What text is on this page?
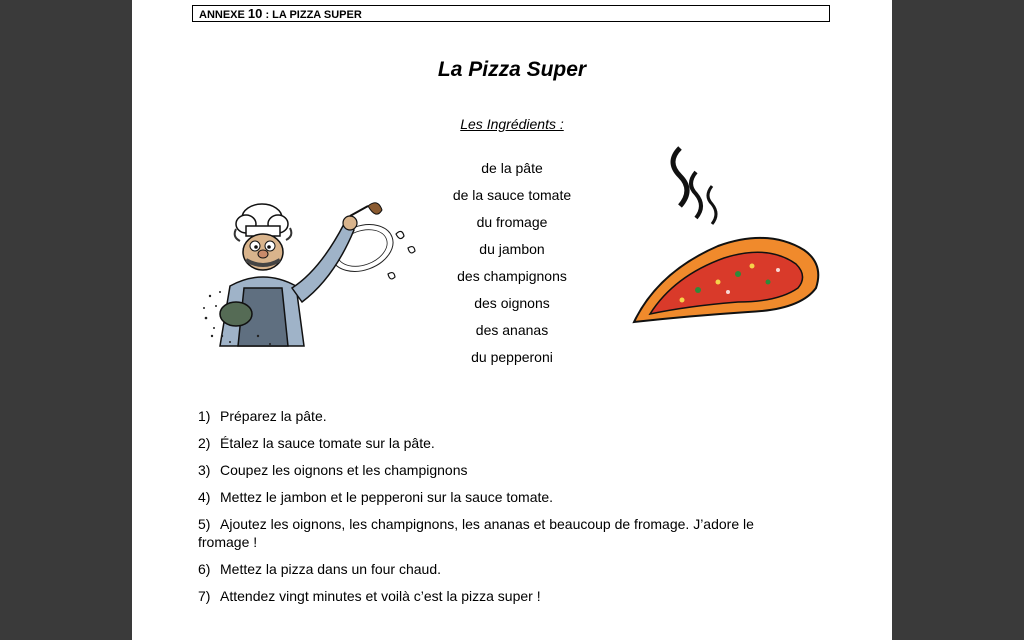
ANNEXE 10 : LA PIZZA SUPER
La Pizza Super
Les Ingrédients :
de la pâte
de la sauce tomate
du fromage
du jambon
des champignons
des oignons
des ananas
du pepperoni
1) Préparez la pâte.
2) Étalez la sauce tomate sur la pâte.
3) Coupez les oignons et les champignons
4) Mettez le jambon et le pepperoni sur la sauce tomate.
5) Ajoutez les oignons, les champignons, les ananas et beaucoup de fromage. J’adore le fromage !
6) Mettez la pizza dans un four chaud.
7) Attendez vingt minutes et voilà c’est la pizza super !
